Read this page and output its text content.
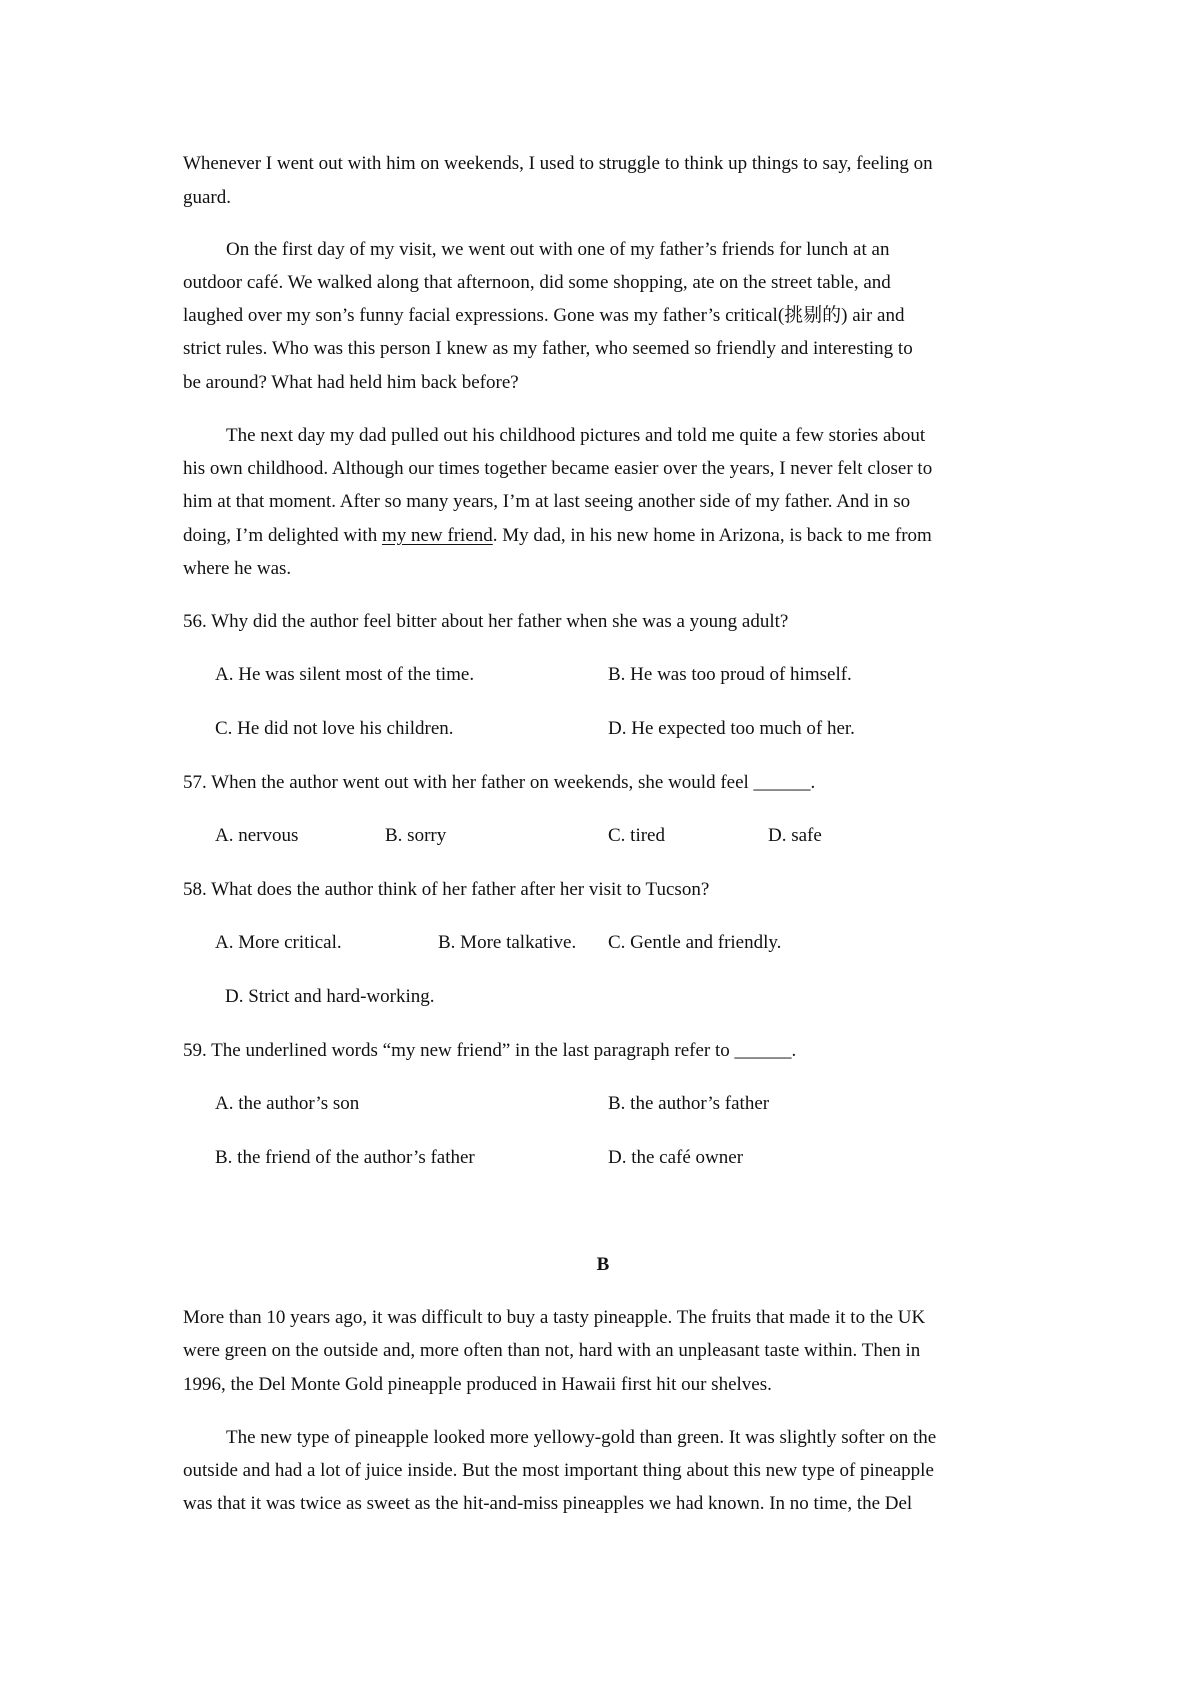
Whenever I went out with him on weekends, I used to struggle to think up things to say, feeling on
guard.
On the first day of my visit, we went out with one of my father’s friends for lunch at an
outdoor café. We walked along that afternoon, did some shopping, ate on the street table, and
laughed over my son’s funny facial expressions. Gone was my father’s critical(挑剔的) air and
strict rules. Who was this person I knew as my father, who seemed so friendly and interesting to
be around? What had held him back before?
The next day my dad pulled out his childhood pictures and told me quite a few stories about
his own childhood. Although our times together became easier over the years, I never felt closer to
him at that moment. After so many years, I’m at last seeing another side of my father. And in so
doing, I’m delighted with my new friend. My dad, in his new home in Arizona, is back to me from
where he was.
56. Why did the author feel bitter about her father when she was a young adult?
A. He was silent most of the time.	B. He was too proud of himself.
C. He did not love his children.	D. He expected too much of her.
57. When the author went out with her father on weekends, she would feel ______.
A. nervous	B. sorry	C. tired	D. safe
58. What does the author think of her father after her visit to Tucson?
A. More critical.	B. More talkative. C. Gentle and friendly.
D. Strict and hard-working.
59. The underlined words “my new friend” in the last paragraph refer to ______.
A. the author’s son	B. the author’s father
B. the friend of the author’s father	D. the café owner
B
More than 10 years ago, it was difficult to buy a tasty pineapple. The fruits that made it to the UK
were green on the outside and, more often than not, hard with an unpleasant taste within. Then in
1996, the Del Monte Gold pineapple produced in Hawaii first hit our shelves.
The new type of pineapple looked more yellowy-gold than green. It was slightly softer on the
outside and had a lot of juice inside. But the most important thing about this new type of pineapple
was that it was twice as sweet as the hit-and-miss pineapples we had known. In no time, the Del
